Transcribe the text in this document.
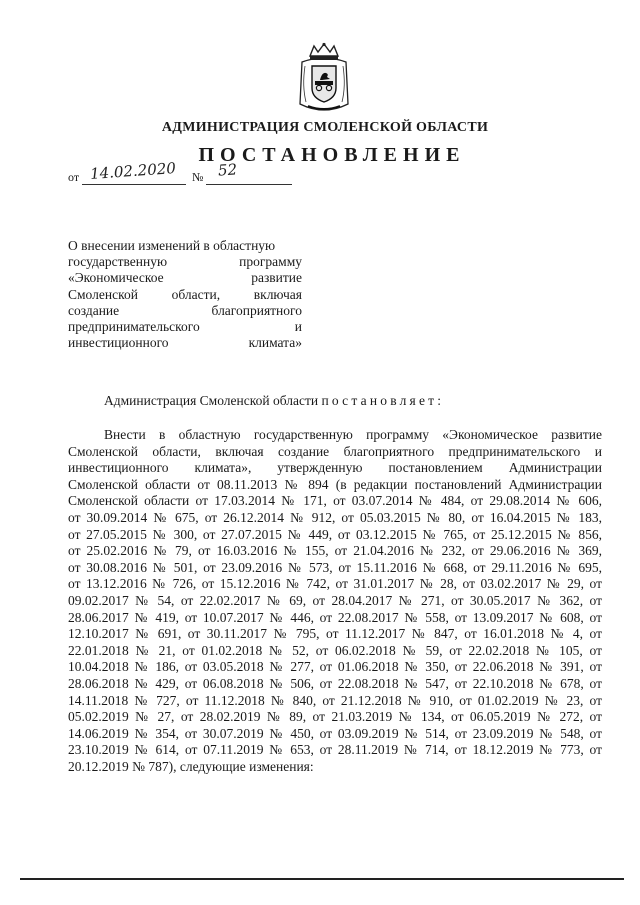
АДМИНИСТРАЦИЯ СМОЛЕНСКОЙ ОБЛАСТИ
ПОСТАНОВЛЕНИЕ
от 14.02.2020 № 52
О внесении изменений в областную
государственную программу
«Экономическое развитие
Смоленской области, включая
создание благоприятного
предпринимательского и
инвестиционного климата»
Администрация Смоленской области постановляет:
Внести в областную государственную программу «Экономическое развитие
Смоленской области, включая создание благоприятного предпринимательского и
инвестиционного климата», утвержденную постановлением Администрации
Смоленской области от 08.11.2013 № 894 (в редакции постановлений Администрации
Смоленской области от 17.03.2014 № 171, от 03.07.2014 № 484, от 29.08.2014 № 606,
от 30.09.2014 № 675, от 26.12.2014 № 912, от 05.03.2015 № 80, от 16.04.2015 № 183,
от 27.05.2015 № 300, от 27.07.2015 № 449, от 03.12.2015 № 765, от 25.12.2015 № 856,
от 25.02.2016 № 79, от 16.03.2016 № 155, от 21.04.2016 № 232, от 29.06.2016 № 369,
от 30.08.2016 № 501, от 23.09.2016 № 573, от 15.11.2016 № 668, от 29.11.2016 № 695,
от 13.12.2016 № 726, от 15.12.2016 № 742, от 31.01.2017 № 28, от 03.02.2017 № 29, от
09.02.2017 № 54, от 22.02.2017 № 69, от 28.04.2017 № 271, от 30.05.2017 № 362, от
28.06.2017 № 419, от 10.07.2017 № 446, от 22.08.2017 № 558, от 13.09.2017 № 608, от
12.10.2017 № 691, от 30.11.2017 № 795, от 11.12.2017 № 847, от 16.01.2018 № 4, от
22.01.2018 № 21, от 01.02.2018 № 52, от 06.02.2018 № 59, от 22.02.2018 № 105, от
10.04.2018 № 186, от 03.05.2018 № 277, от 01.06.2018 № 350, от 22.06.2018 № 391, от
28.06.2018 № 429, от 06.08.2018 № 506, от 22.08.2018 № 547, от 22.10.2018 № 678, от
14.11.2018 № 727, от 11.12.2018 № 840, от 21.12.2018 № 910, от 01.02.2019 № 23, от
05.02.2019 № 27, от 28.02.2019 № 89, от 21.03.2019 № 134, от 06.05.2019 № 272, от
14.06.2019 № 354, от 30.07.2019 № 450, от 03.09.2019 № 514, от 23.09.2019 № 548, от
23.10.2019 № 614, от 07.11.2019 № 653, от 28.11.2019 № 714, от 18.12.2019 № 773, от
20.12.2019 № 787), следующие изменения:
